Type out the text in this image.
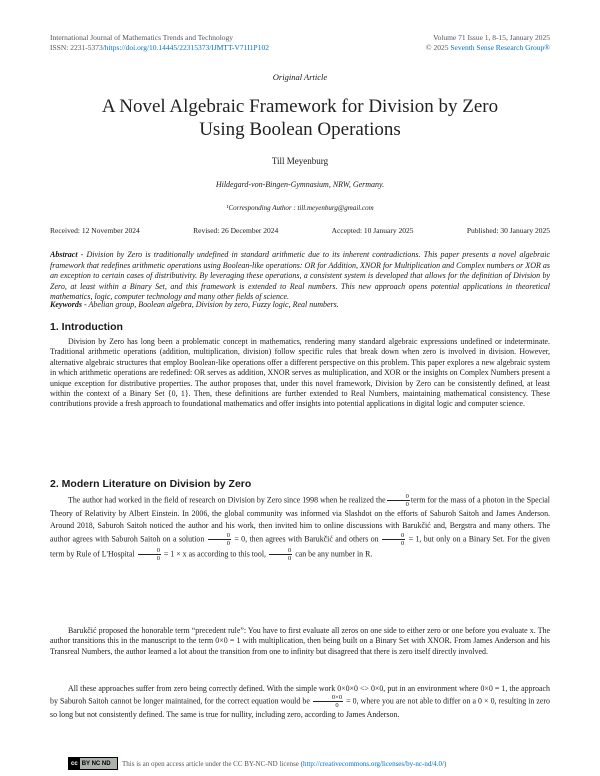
International Journal of Mathematics Trends and Technology
ISSN: 2231-5373/https://doi.org/10.14445/22315373/IJMTT-V71I1P102
Volume 71 Issue 1, 8-15, January 2025
© 2025 Seventh Sense Research Group®
Original Article
A Novel Algebraic Framework for Division by Zero
Using Boolean Operations
Till Meyenburg
Hildegard-von-Bingen-Gymnasium, NRW, Germany.
¹Corresponding Author : till.meyenburg@gmail.com
Received: 12 November 2024	Revised: 26 December 2024	Accepted: 10 January 2025	Published: 30 January 2025
Abstract - Division by Zero is traditionally undefined in standard arithmetic due to its inherent contradictions. This paper presents a novel algebraic framework that redefines arithmetic operations using Boolean-like operations: OR for Addition, XNOR for Multiplication and Complex numbers or XOR as an exception to certain cases of distributivity. By leveraging these operations, a consistent system is developed that allows for the definition of Division by Zero, at least within a Binary Set, and this framework is extended to Real numbers. This new approach opens potential applications in theoretical mathematics, logic, computer technology and many other fields of science.
Keywords - Abelian group, Boolean algebra, Division by zero, Fuzzy logic, Real numbers.
1. Introduction
Division by Zero has long been a problematic concept in mathematics, rendering many standard algebraic expressions undefined or indeterminate. Traditional arithmetic operations (addition, multiplication, division) follow specific rules that break down when zero is involved in division. However, alternative algebraic structures that employ Boolean-like operations offer a different perspective on this problem. This paper explores a new algebraic system in which arithmetic operations are redefined: OR serves as addition, XNOR serves as multiplication, and XOR or the insights on Complex Numbers present a unique exception for distributive properties. The author proposes that, under this novel framework, Division by Zero can be consistently defined, at least within the context of a Binary Set {0, 1}. Then, these definitions are further extended to Real Numbers, maintaining mathematical consistency. These contributions provide a fresh approach to foundational mathematics and offer insights into potential applications in digital logic and computer science.
2. Modern Literature on Division by Zero
The author had worked in the field of research on Division by Zero since 1998 when he realized the $\frac{0}{0}$ term for the mass of a photon in the Special Theory of Relativity by Albert Einstein. In 2006, the global community was informed via Slashdot on the efforts of Saburoh Saitoh and James Anderson. Around 2018, Saburoh Saitoh noticed the author and his work, then invited him to online discussions with Barukčić and, Bergstra and many others. The author agrees with Saburoh Saitoh on a solution $\frac{0}{0} = 0$, then agrees with Barukčić and others on $\frac{0}{0} = 1$, but only on a Binary Set. For the given term by Rule of L'Hospital $\frac{0}{0} = 1 \times x$ as according to this tool, $\frac{0}{0}$ can be any number in R.
Barukčić proposed the honorable term “precedent rule”: You have to first evaluate all zeros on one side to either zero or one before you evaluate x. The author transitions this in the manuscript to the term 0×0 = 1 with multiplication, then being built on a Binary Set with XNOR. From James Anderson and his Transreal Numbers, the author learned a lot about the transition from one to infinity but disagreed that there is zero itself directly involved.
All these approaches suffer from zero being correctly defined. With the simple work 0×0×0 <> 0×0, put in an environment where 0×0 = 1, the approach by Saburoh Saitoh cannot be longer maintained, for the correct equation would be $\frac{0\times 0}{0} = 0$, where you are not able to differ on a 0 × 0, resulting in zero so long but not consistently defined. The same is true for nullity, including zero, according to James Anderson.
cc BY NC ND This is an open access article under the CC BY-NC-ND license (http://creativecommons.org/licenses/by-nc-nd/4.0/)
